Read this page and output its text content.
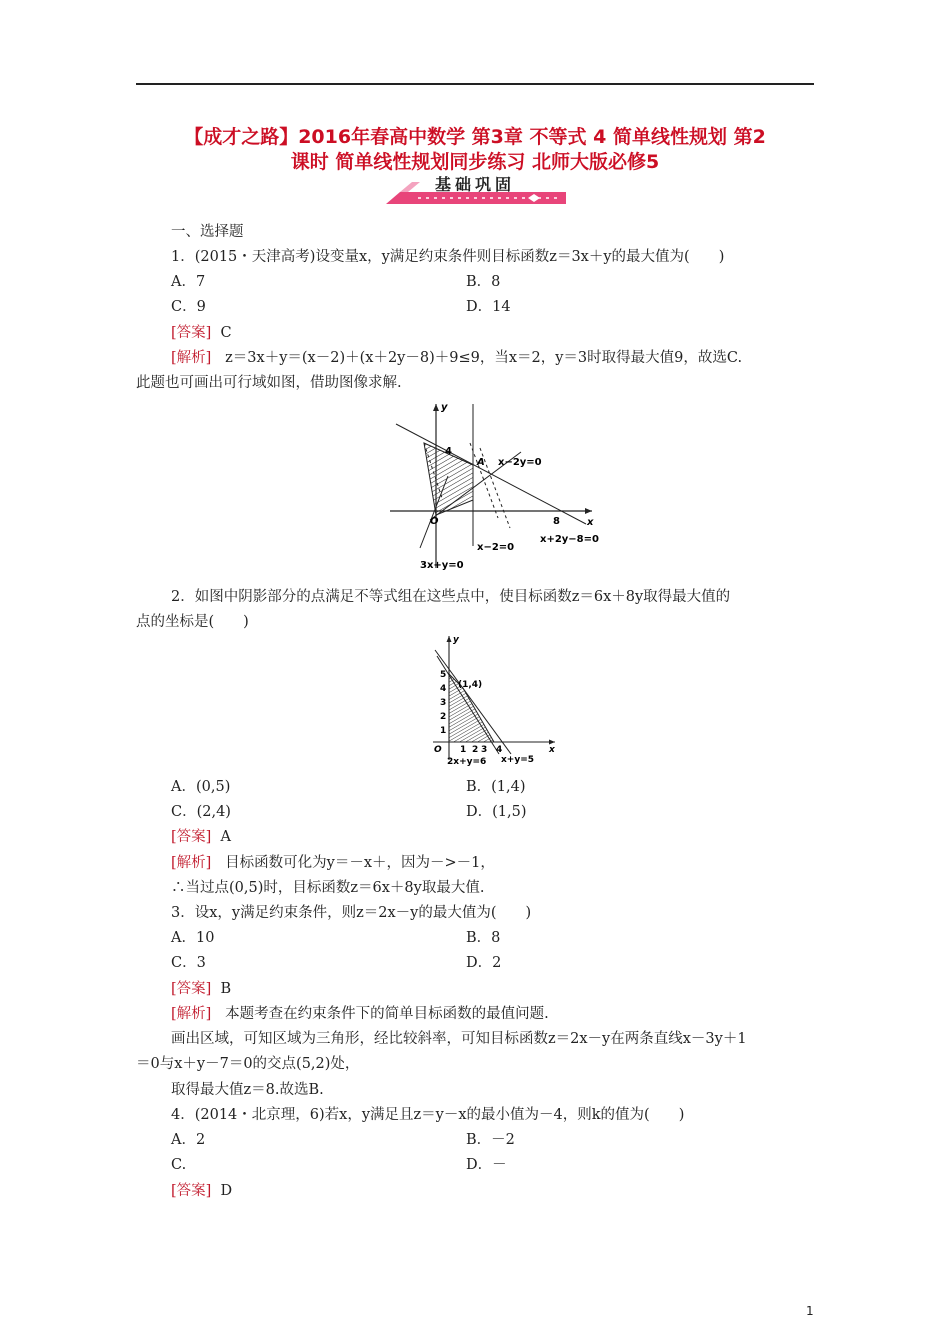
【成才之路】2016年春高中数学 第3章 不等式 4 简单线性规划 第2
课时 简单线性规划同步练习 北师大版必修5
基础巩固
一、选择题
1．(2015・天津高考)设变量x，y满足约束条件则目标函数z＝3x＋y的最大值为(　　)
A．7	B．8
C．9	D．14
[答案] C
[解析] z＝3x＋y＝(x－2)＋(x＋2y－8)＋9≤9，当x＝2，y＝3时取得最大值9，故选C.
此题也可画出可行域如图，借助图像求解.
y
x
4
A
O	8
x−2y=0
x−2=0
x+2y−8=0
3x+y=0
2．如图中阴影部分的点满足不等式组在这些点中，使目标函数z＝6x＋8y取得最大值的
点的坐标是(　　)
y
x
O
(1,4)
1
2
3
4
5
1 2 3 4
2x+y=6 x+y=5
A．(0,5)	B．(1,4)
C．(2,4)	D．(1,5)
[答案] A
[解析] 目标函数可化为y＝－x＋，因为－>－1，
∴当过点(0,5)时，目标函数z＝6x＋8y取最大值.
3．设x，y满足约束条件，则z＝2x－y的最大值为(　　)
A．10	B．8
C．3	D．2
[答案] B
[解析] 本题考查在约束条件下的简单目标函数的最值问题.
画出区域，可知区域为三角形，经比较斜率，可知目标函数z＝2x－y在两条直线x－3y＋1
＝0与x＋y－7＝0的交点(5,2)处，
取得最大值z＝8.故选B.
4．(2014・北京理，6)若x，y满足且z＝y－x的最小值为－4，则k的值为(　　)
A．2	B．－2
C.	D．－
[答案] D
1
